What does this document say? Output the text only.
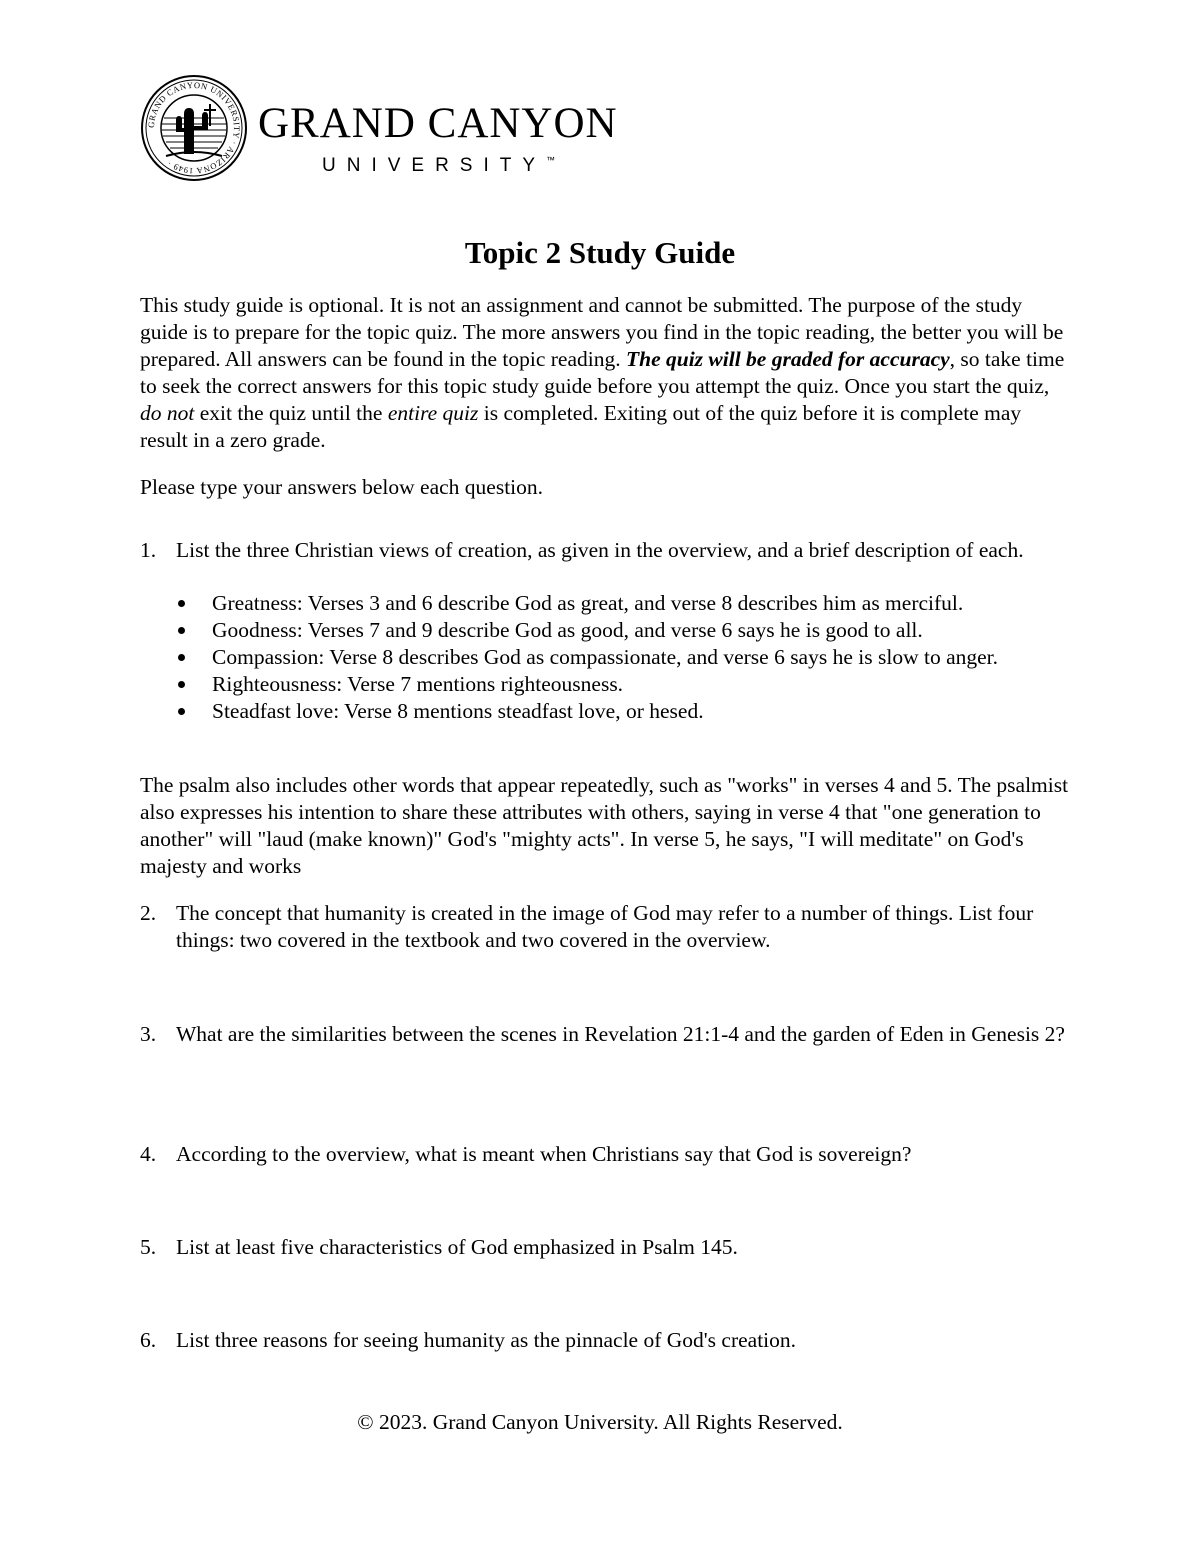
GRAND CANYON UNIVERSITY · ARIZONA 1949 ·
GRAND CANYON
UNIVERSITY™
Topic 2 Study Guide
This study guide is optional. It is not an assignment and cannot be submitted. The purpose of the study guide is to prepare for the topic quiz. The more answers you find in the topic reading, the better you will be prepared. All answers can be found in the topic reading. The quiz will be graded for accuracy, so take time to seek the correct answers for this topic study guide before you attempt the quiz. Once you start the quiz, do not exit the quiz until the entire quiz is completed. Exiting out of the quiz before it is complete may result in a zero grade.
Please type your answers below each question.
1. List the three Christian views of creation, as given in the overview, and a brief description of each.
Greatness: Verses 3 and 6 describe God as great, and verse 8 describes him as merciful.
Goodness: Verses 7 and 9 describe God as good, and verse 6 says he is good to all.
Compassion: Verse 8 describes God as compassionate, and verse 6 says he is slow to anger.
Righteousness: Verse 7 mentions righteousness.
Steadfast love: Verse 8 mentions steadfast love, or hesed.
The psalm also includes other words that appear repeatedly, such as "works" in verses 4 and 5. The psalmist also expresses his intention to share these attributes with others, saying in verse 4 that "one generation to another" will "laud (make known)" God's "mighty acts". In verse 5, he says, "I will meditate" on God's majesty and works
2. The concept that humanity is created in the image of God may refer to a number of things. List four things: two covered in the textbook and two covered in the overview.
3. What are the similarities between the scenes in Revelation 21:1-4 and the garden of Eden in Genesis 2?
4. According to the overview, what is meant when Christians say that God is sovereign?
5. List at least five characteristics of God emphasized in Psalm 145.
6. List three reasons for seeing humanity as the pinnacle of God's creation.
© 2023. Grand Canyon University. All Rights Reserved.
